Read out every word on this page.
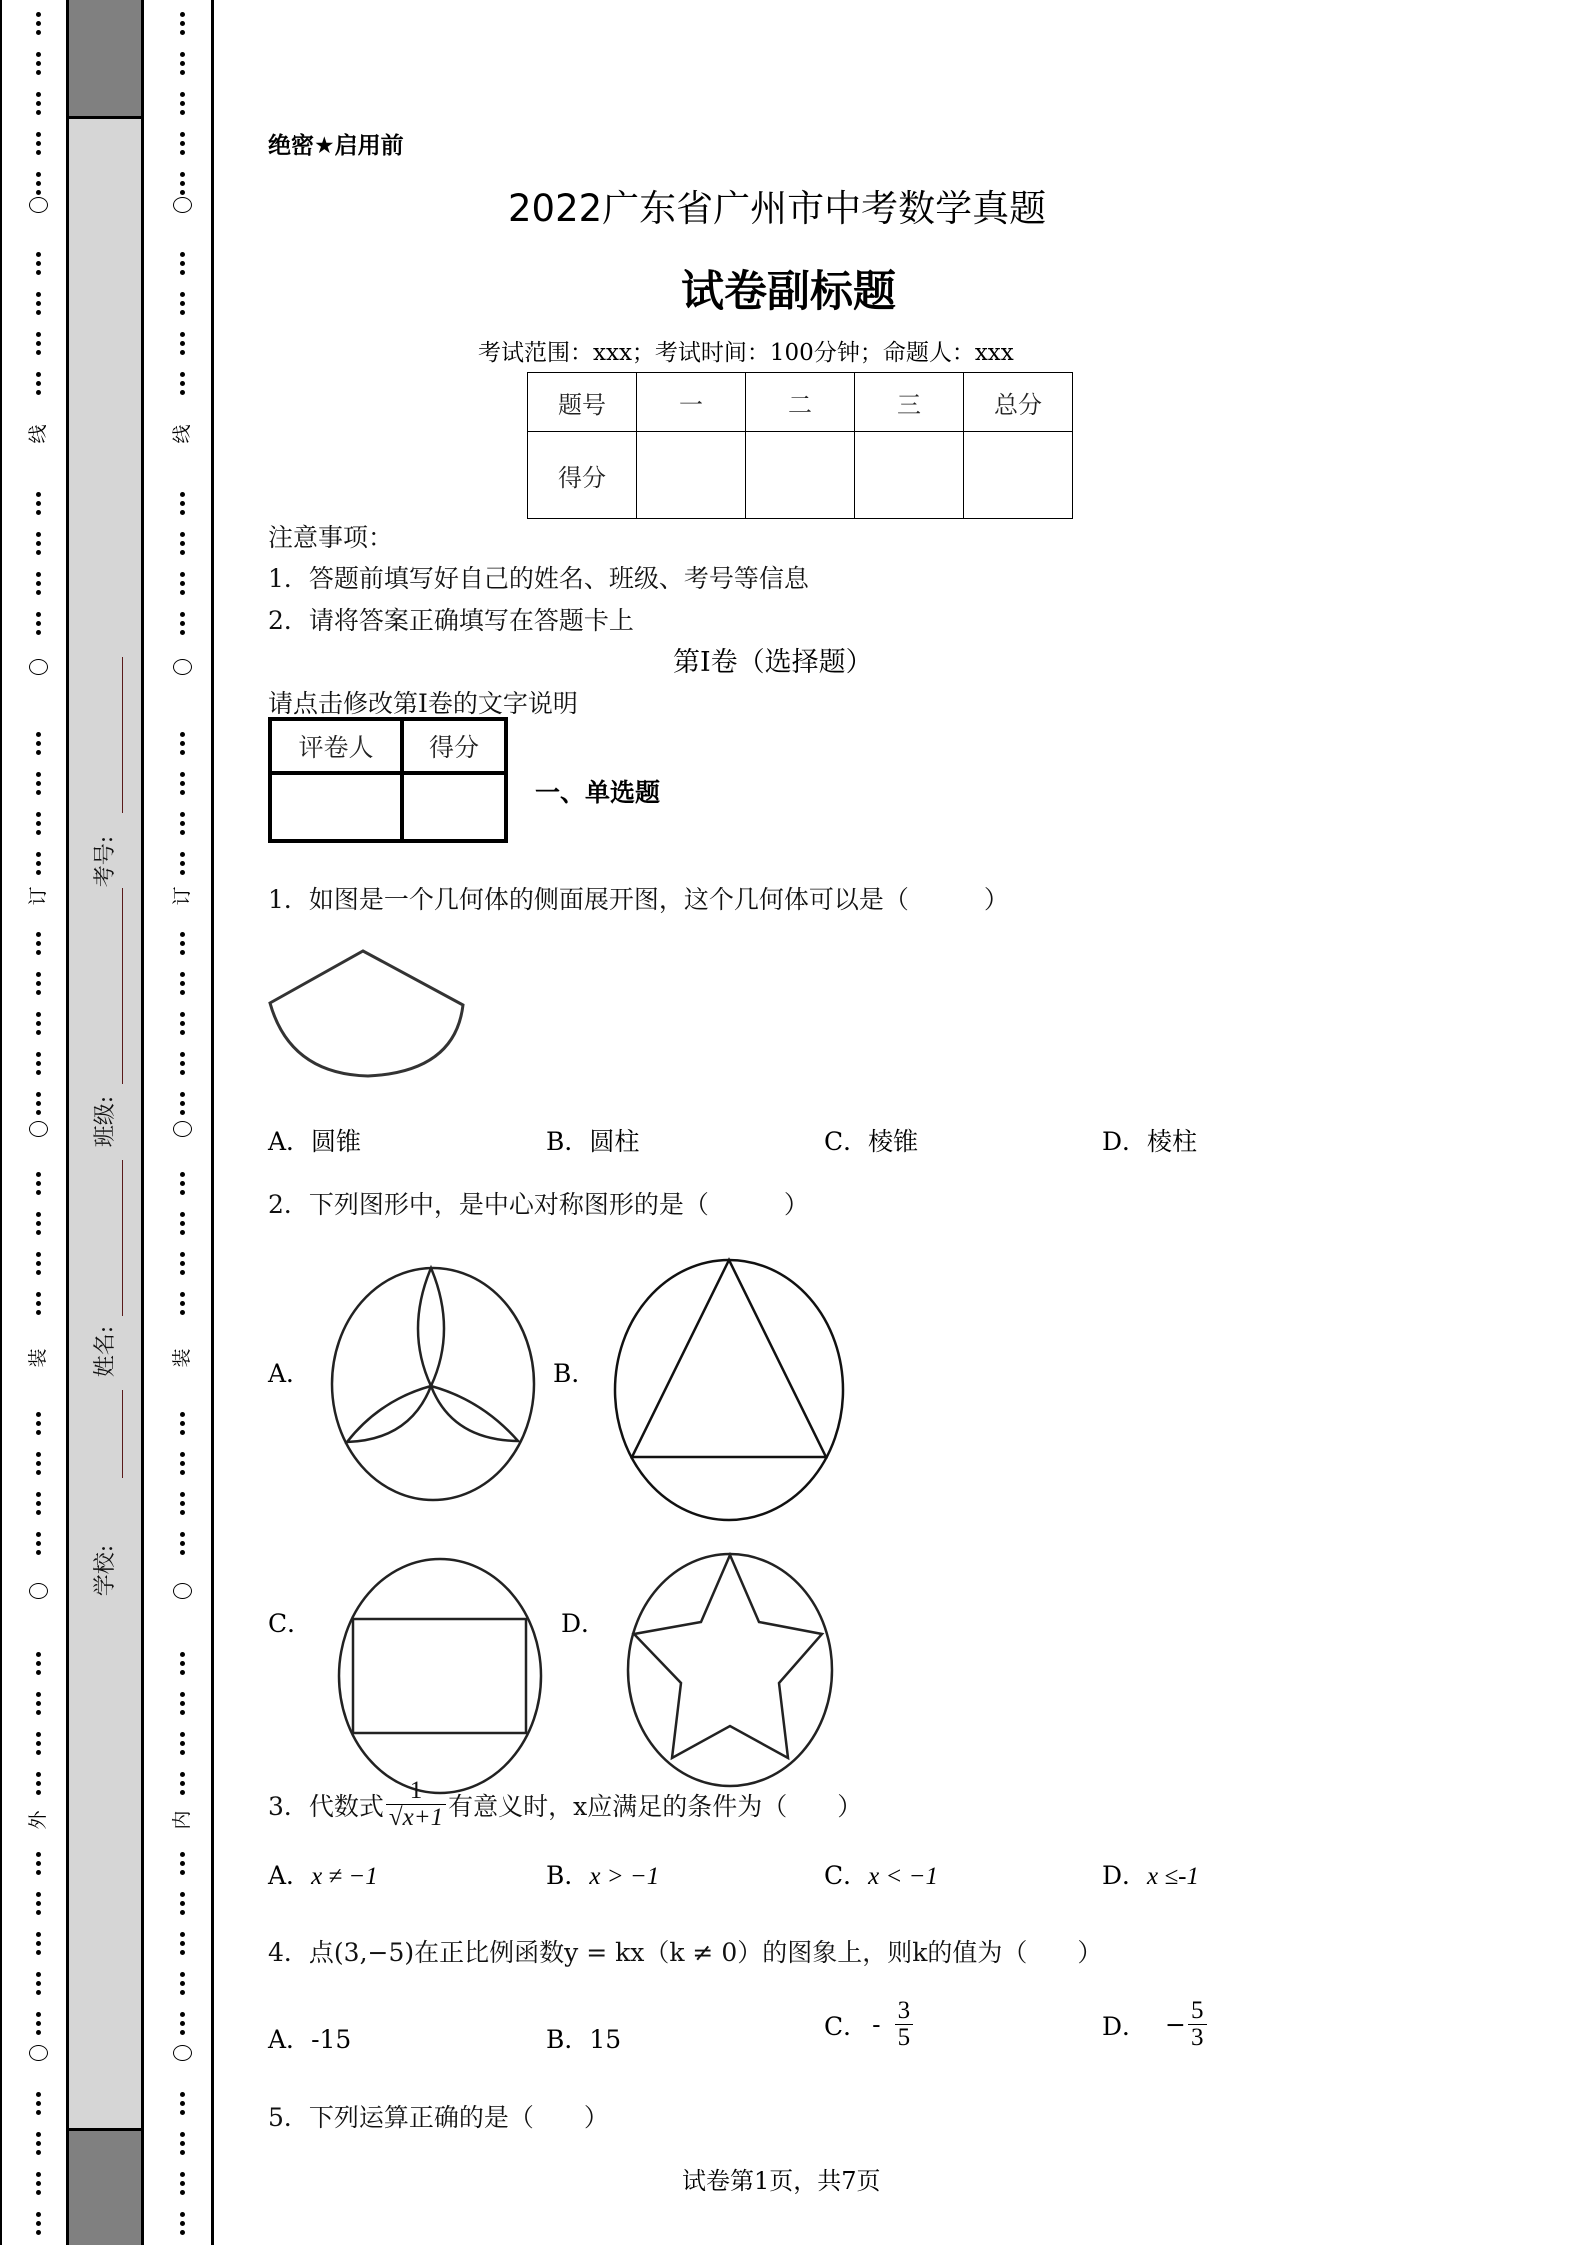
线
订
装
外
线
订
装
内
考号:
班级:
姓名:
学校:
绝密★启用前
2022广东省广州市中考数学真题
试卷副标题
考试范围：xxx；考试时间：100分钟；命题人：xxx
题号	一	二	三	总分
得分				
注意事项：
1．答题前填写好自己的姓名、班级、考号等信息
2．请将答案正确填写在答题卡上
第I卷（选择题）
请点击修改第I卷的文字说明
评卷人	得分

一、单选题
1．如图是一个几何体的侧面展开图，这个几何体可以是（　　　）
A．圆锥	B．圆柱	C．棱锥	D．棱柱
2．下列图形中，是中心对称图形的是（　　　）
A．	B．
C．	D．
3．代数式 $\frac{1}{√x+1}$ 有意义时，x应满足的条件为（　　）
A．x ≠ −1	B．x > −1	C．x < −1	D．x ≤-1
4．点(3,−5)在正比例函数y = kx（k ≠ 0）的图象上，则k的值为（　　）
A．-15	B．15	C． - $\frac{3}{5}$	D． − $\frac{5}{3}$
5．下列运算正确的是（　　）
试卷第1页，共7页
